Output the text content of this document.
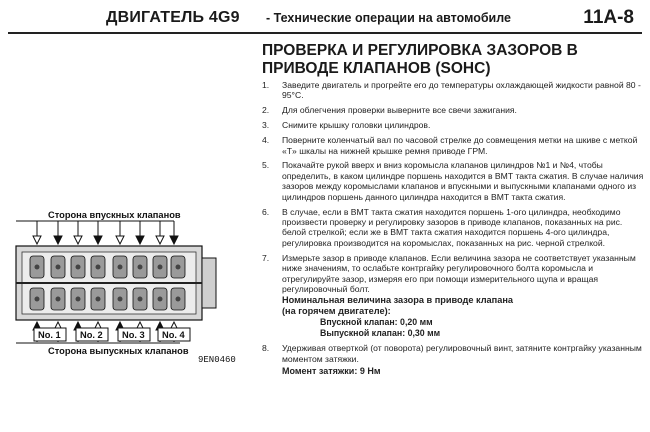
ДВИГАТЕЛЬ 4G9 - Технические операции на автомобиле	11A-8
ПРОВЕРКА И РЕГУЛИРОВКА ЗАЗОРОВ В
ПРИВОДЕ КЛАПАНОВ (SOHC)
1.	Заведите двигатель и прогрейте его до температуры охлаждающей жидкости равной 80 - 95°C.
2.	Для облегчения проверки выверните все свечи зажигания.
3.	Снимите крышку головки цилиндров.
4.	Поверните коленчатый вал по часовой стрелке до совмещения метки на шкиве с меткой «T» шкалы на нижней крышке ремня приводе ГРМ.
5.	Покачайте рукой вверх и вниз коромысла клапанов цилиндров №1 и №4, чтобы определить, в каком цилиндре поршень находится в ВМТ такта сжатия. В случае наличия зазоров между коромыслами клапанов и впускными и выпускными клапанами одного из цилиндров поршень данного цилиндра находится в ВМТ такта сжатия.
6.	В случае, если в ВМТ такта сжатия находится поршень 1-ого цилиндра, необходимо произвести проверку и регулировку зазоров в приводе клапанов, показанных на рис. белой стрелкой; если же в ВМТ такта сжатия находится поршень 4-ого цилиндра, регулировка производится на коромыслах, показанных на рис. черной стрелкой.
7.	Измерьте зазор в приводе клапанов. Если величина зазора не соответствует указанным ниже значениям, то ослабьте контргайку регулировочного болта коромысла и отрегулируйте зазор, измеряя его при помощи измерительного щупа и вращая регулировочный болт.
Номинальная величина зазора в приводе клапана
(на горячем двигателе):
Впускной клапан: 0,20 мм
Выпускной клапан: 0,30 мм
8.	Удерживая отверткой (от поворота) регулировочный винт, затяните контргайку указанным моментом затяжки.
Момент затяжки: 9 Нм
Сторона впускных клапанов
No. 1 No. 2 No. 3 No. 4
Сторона выпускных клапанов
9EN0460
